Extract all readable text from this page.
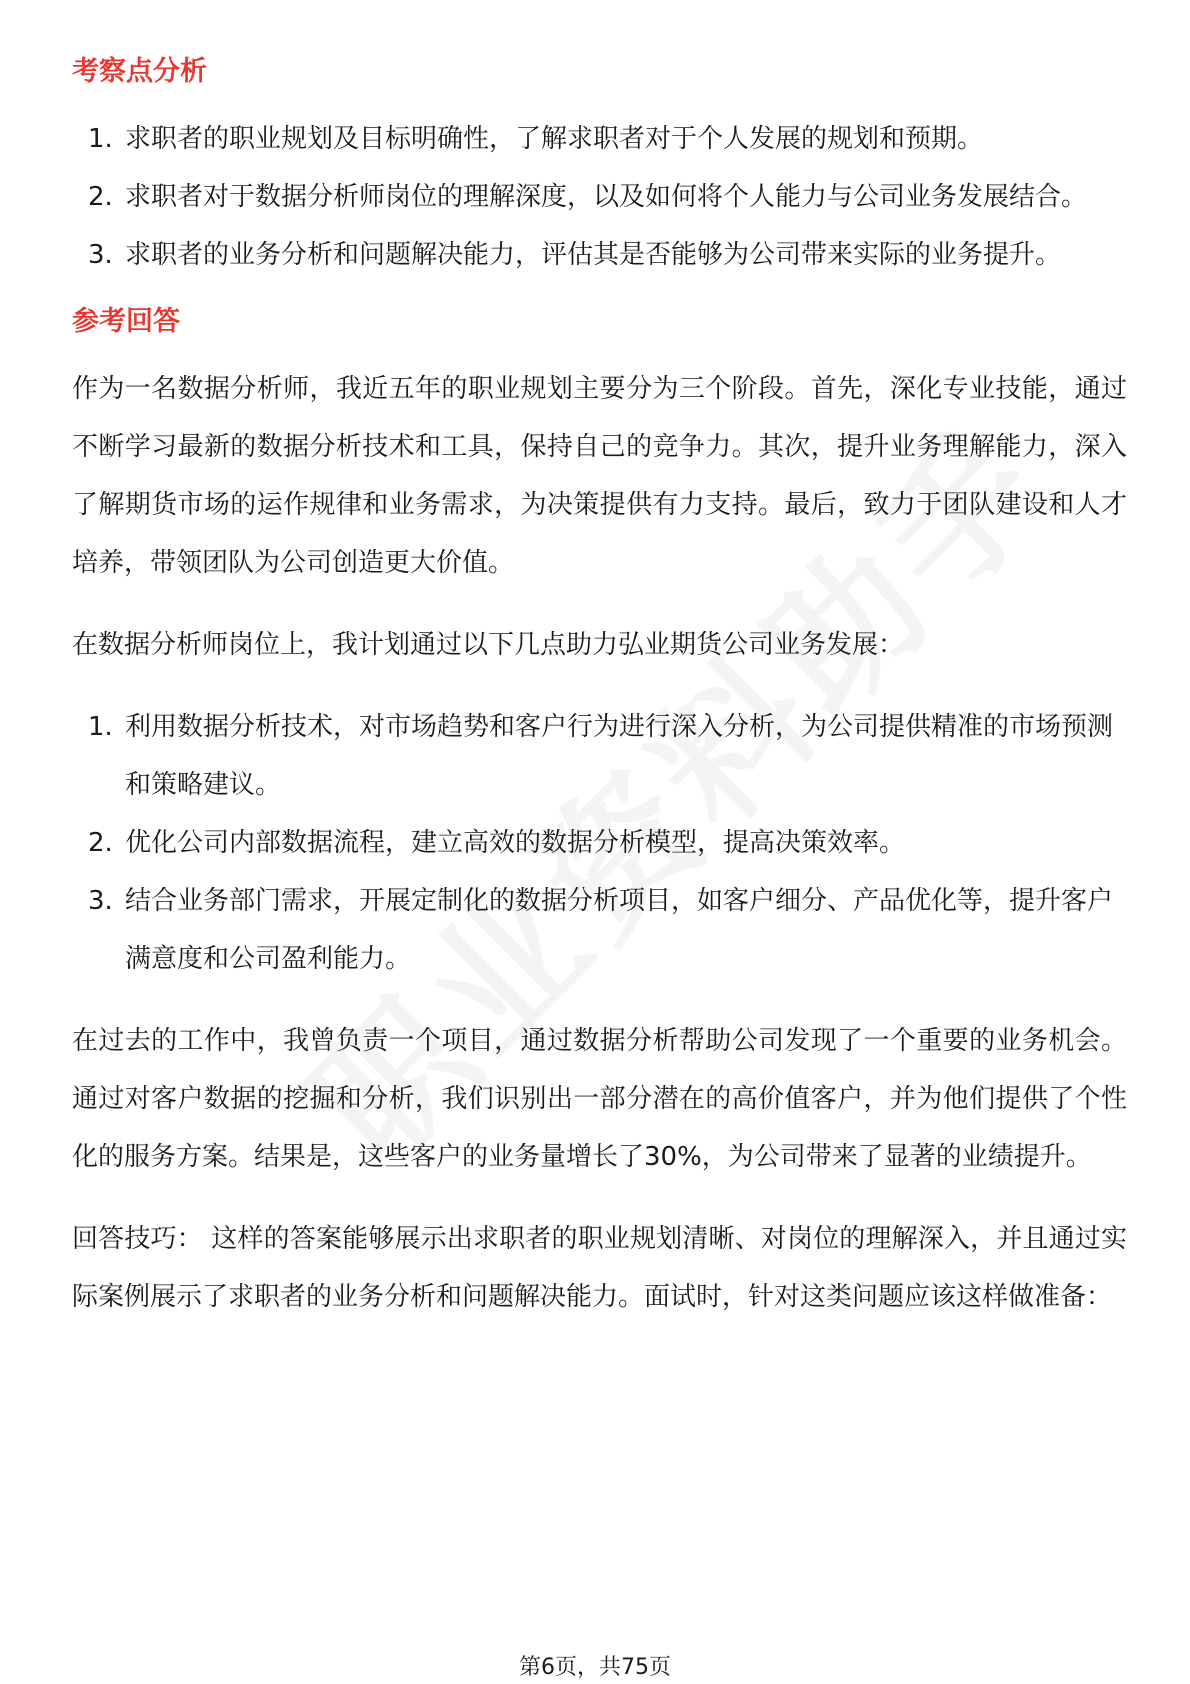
考察点分析
1. 求职者的职业规划及目标明确性，了解求职者对于个人发展的规划和预期。
2. 求职者对于数据分析师岗位的理解深度，以及如何将个人能力与公司业务发展结合。
3. 求职者的业务分析和问题解决能力，评估其是否能够为公司带来实际的业务提升。
参考回答

作为一名数据分析师，我近五年的职业规划主要分为三个阶段。首先，深化专业技能，通过不断学习最新的数据分析技术和工具，保持自己的竞争力。其次，提升业务理解能力，深入了解期货市场的运作规律和业务需求，为决策提供有力支持。最后，致力于团队建设和人才培养，带领团队为公司创造更大价值。

在数据分析师岗位上，我计划通过以下几点助力弘业期货公司业务发展：

1. 利用数据分析技术，对市场趋势和客户行为进行深入分析，为公司提供精准的市场预测和策略建议。
2. 优化公司内部数据流程，建立高效的数据分析模型，提高决策效率。
3. 结合业务部门需求，开展定制化的数据分析项目，如客户细分、产品优化等，提升客户满意度和公司盈利能力。

在过去的工作中，我曾负责一个项目，通过数据分析帮助公司发现了一个重要的业务机会。通过对客户数据的挖掘和分析，我们识别出一部分潜在的高价值客户，并为他们提供了个性化的服务方案。结果是，这些客户的业务量增长了30%，为公司带来了显著的业绩提升。

回答技巧： 这样的答案能够展示出求职者的职业规划清晰、对岗位的理解深入，并且通过实际案例展示了求职者的业务分析和问题解决能力。面试时，针对这类问题应该这样做准备：

第6页，共75页
